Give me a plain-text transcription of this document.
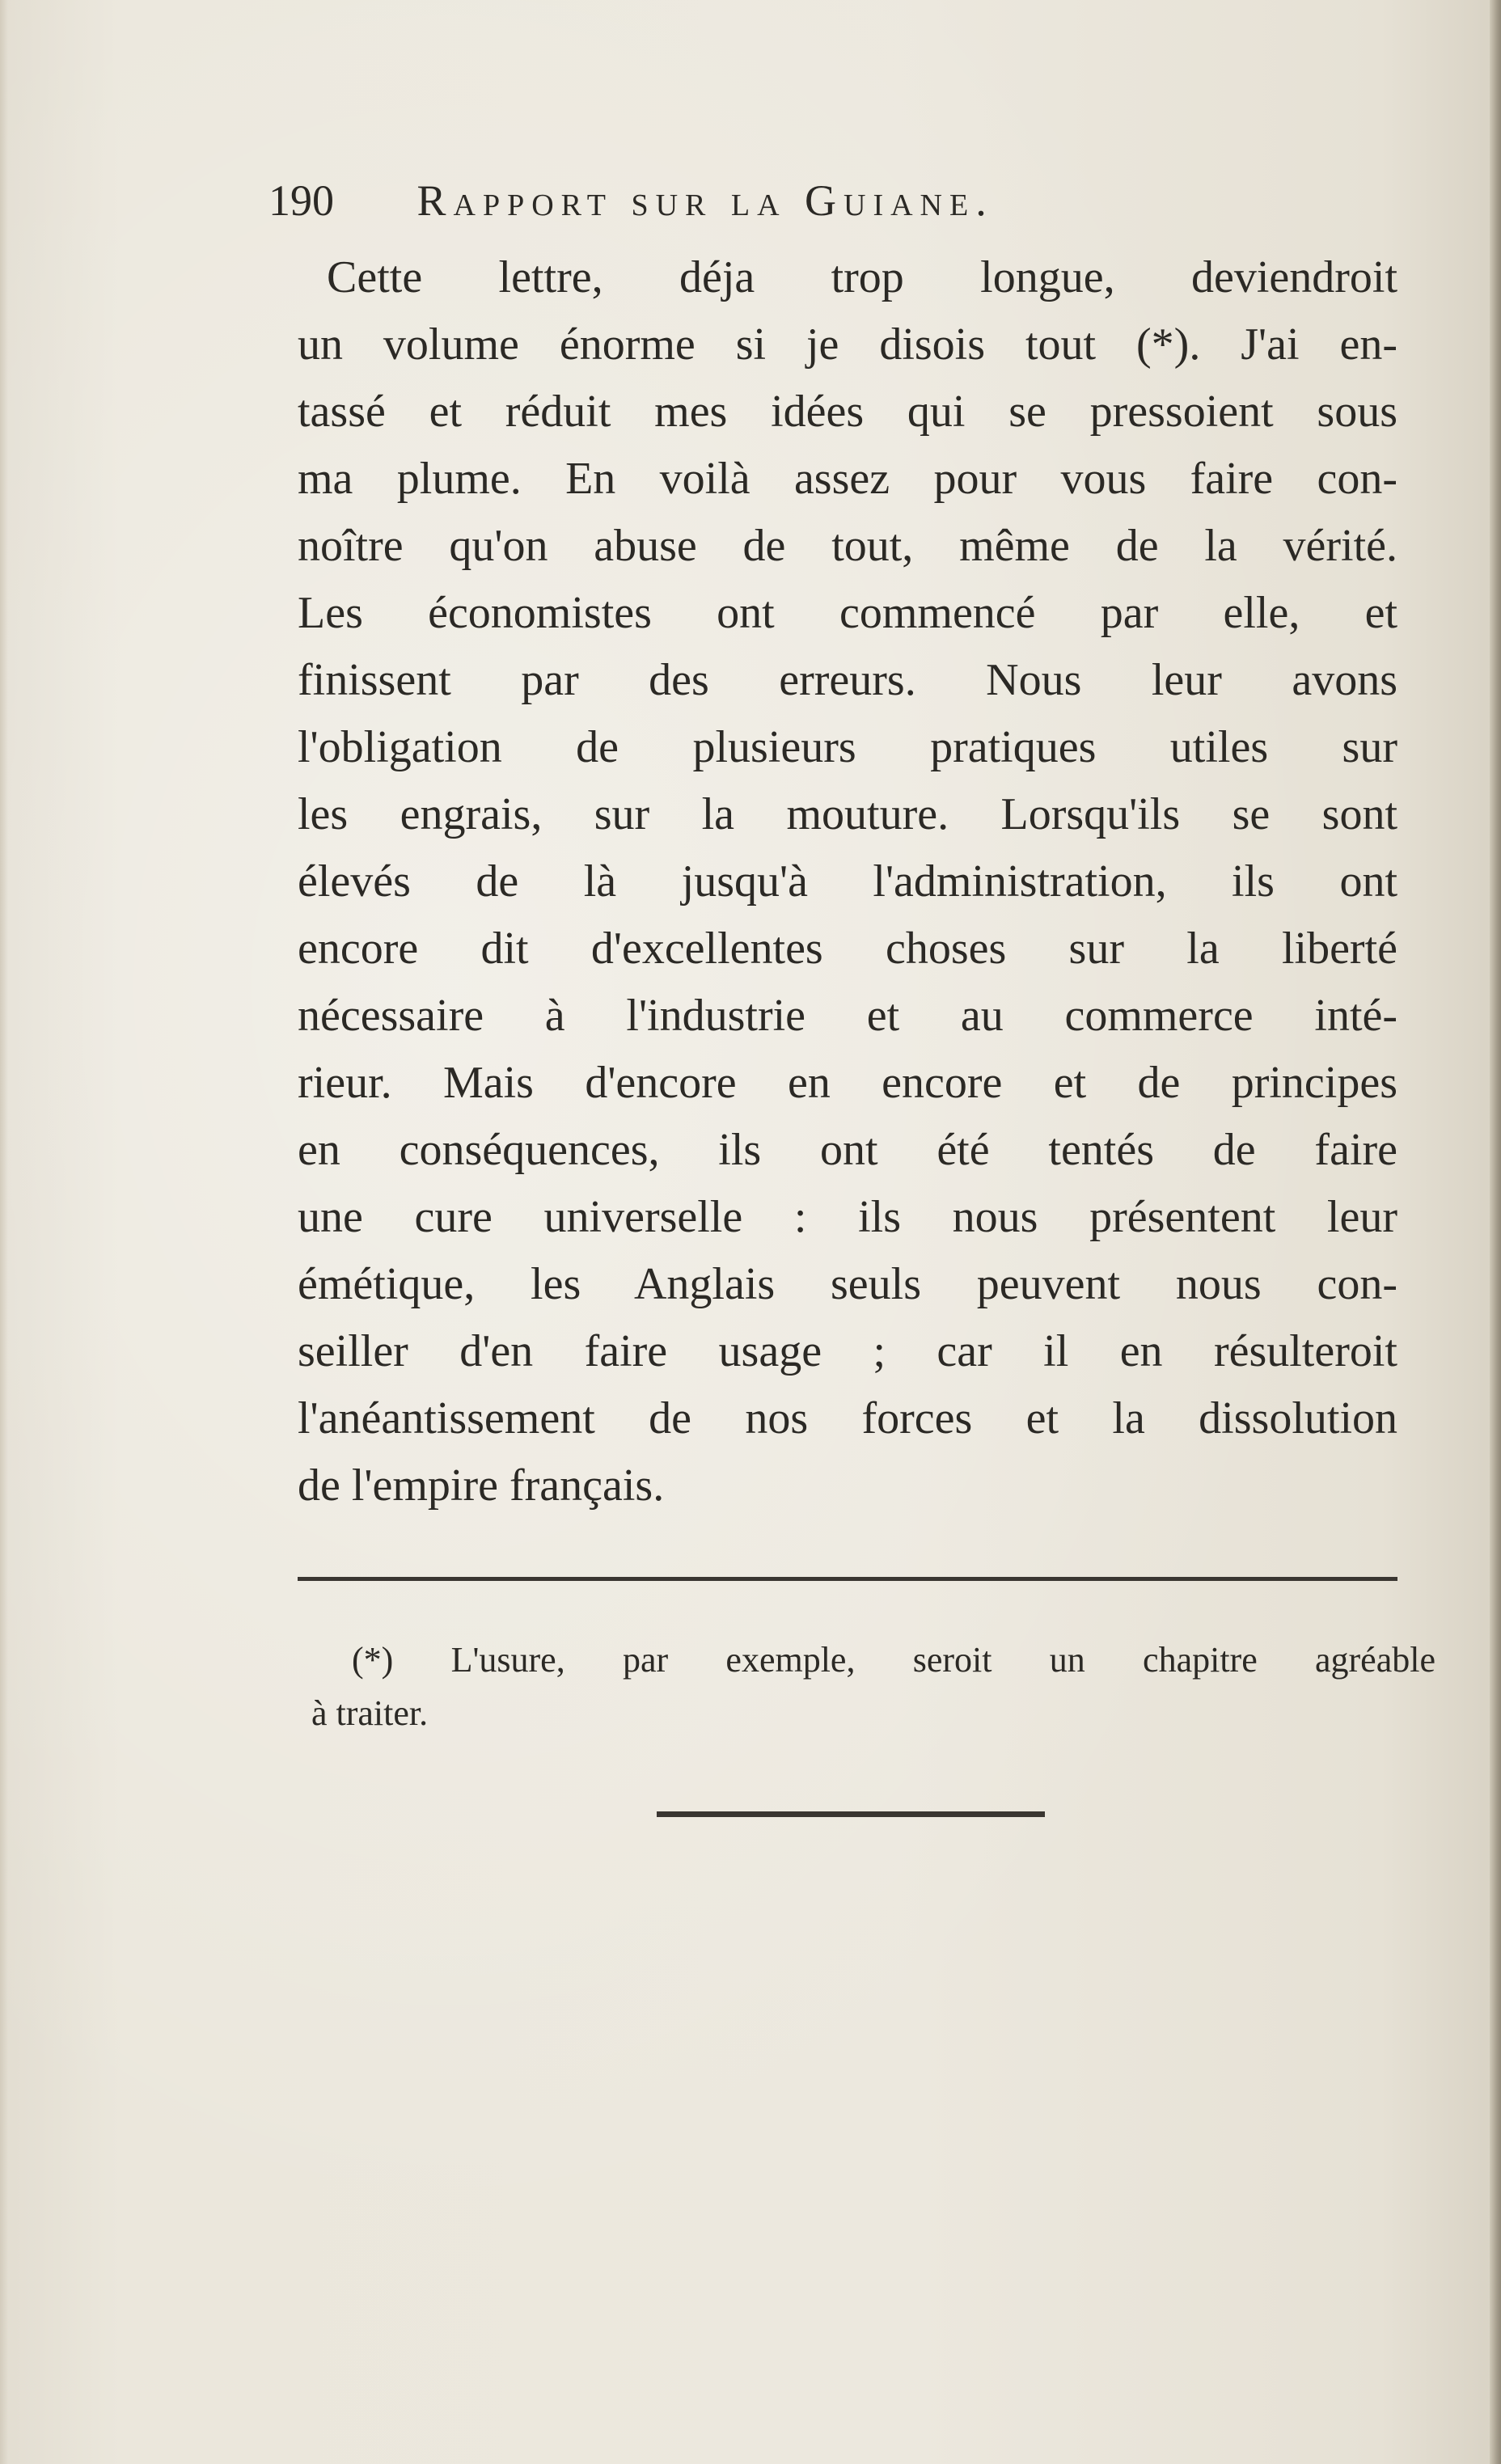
190 Rapport sur la Guiane.
Cette lettre, déja trop longue, deviendroit
un volume énorme si je disois tout (*). J'ai en-
tassé et réduit mes idées qui se pressoient sous
ma plume. En voilà assez pour vous faire con-
noître qu'on abuse de tout, même de la vérité.
Les économistes ont commencé par elle, et
finissent par des erreurs. Nous leur avons
l'obligation de plusieurs pratiques utiles sur
les engrais, sur la mouture. Lorsqu'ils se sont
élevés de là jusqu'à l'administration, ils ont
encore dit d'excellentes choses sur la liberté
nécessaire à l'industrie et au commerce inté-
rieur. Mais d'encore en encore et de principes
en conséquences, ils ont été tentés de faire
une cure universelle : ils nous présentent leur
émétique, les Anglais seuls peuvent nous con-
seiller d'en faire usage ; car il en résulteroit
l'anéantissement de nos forces et la dissolution
de l'empire français.
(*) L'usure, par exemple, seroit un chapitre agréable
à traiter.
